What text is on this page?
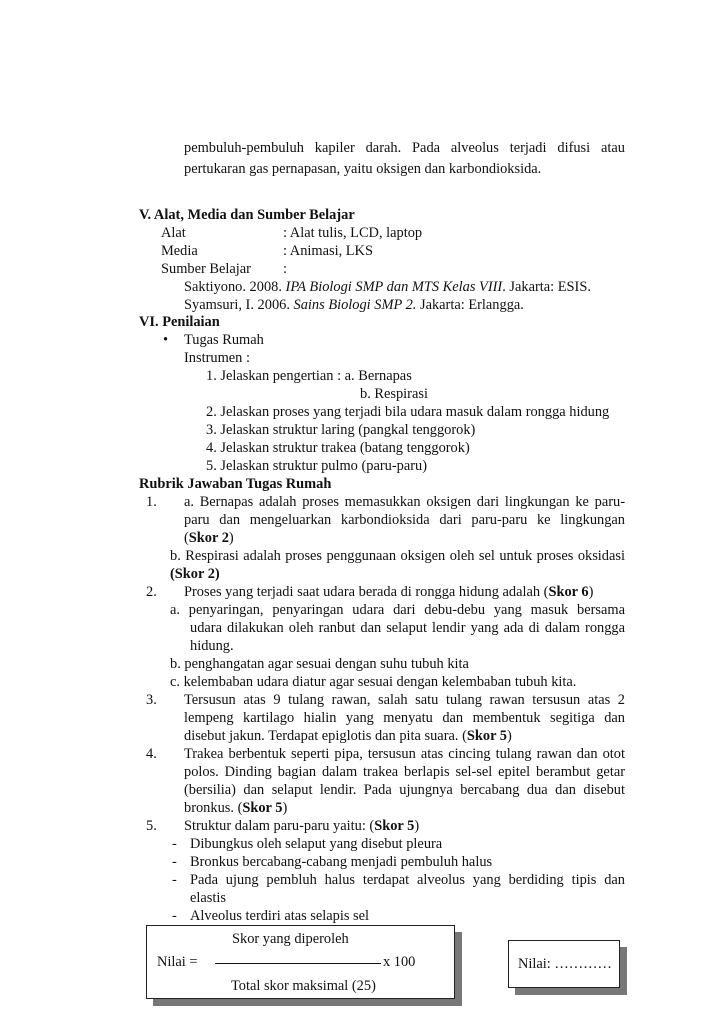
pembuluh-pembuluh kapiler darah. Pada alveolus terjadi difusi atau
pertukaran gas pernapasan, yaitu oksigen dan karbondioksida.
V. Alat, Media dan Sumber Belajar
Alat	: Alat tulis, LCD, laptop
Media	: Animasi, LKS
Sumber Belajar :
Saktiyono. 2008. IPA Biologi SMP dan MTS Kelas VIII. Jakarta: ESIS.
Syamsuri, I. 2006. Sains Biologi SMP 2. Jakarta: Erlangga.
VI. Penilaian
• Tugas Rumah
Instrumen :
1. Jelaskan pengertian : a. Bernapas
b. Respirasi
2. Jelaskan proses yang terjadi bila udara masuk dalam rongga hidung
3. Jelaskan struktur laring (pangkal tenggorok)
4. Jelaskan struktur trakea (batang tenggorok)
5. Jelaskan struktur pulmo (paru-paru)
Rubrik Jawaban Tugas Rumah
1. a. Bernapas adalah proses memasukkan oksigen dari lingkungan ke paru-
paru dan mengeluarkan karbondioksida dari paru-paru ke lingkungan
(Skor 2)
b. Respirasi adalah proses penggunaan oksigen oleh sel untuk proses oksidasi
(Skor 2)
2. Proses yang terjadi saat udara berada di rongga hidung adalah (Skor 6)
a. penyaringan, penyaringan udara dari debu-debu yang masuk bersama
udara dilakukan oleh ranbut dan selaput lendir yang ada di dalam rongga
hidung.
b. penghangatan agar sesuai dengan suhu tubuh kita
c. kelembaban udara diatur agar sesuai dengan kelembaban tubuh kita.
3. Tersusun atas 9 tulang rawan, salah satu tulang rawan tersusun atas 2
lempeng kartilago hialin yang menyatu dan membentuk segitiga dan
disebut jakun. Terdapat epiglotis dan pita suara. (Skor 5)
4. Trakea berbentuk seperti pipa, tersusun atas cincing tulang rawan dan otot
polos. Dinding bagian dalam trakea berlapis sel-sel epitel berambut getar
(bersilia) dan selaput lendir. Pada ujungnya bercabang dua dan disebut
bronkus. (Skor 5)
5. Struktur dalam paru-paru yaitu: (Skor 5)
- Dibungkus oleh selaput yang disebut pleura
- Bronkus bercabang-cabang menjadi pembuluh halus
- Pada ujung pembluh halus terdapat alveolus yang berdiding tipis dan
elastis
- Alveolus terdiri atas selapis sel
Nilai =
Skor yang diperoleh
x 100
Total skor maksimal (25)
Nilai: …………
